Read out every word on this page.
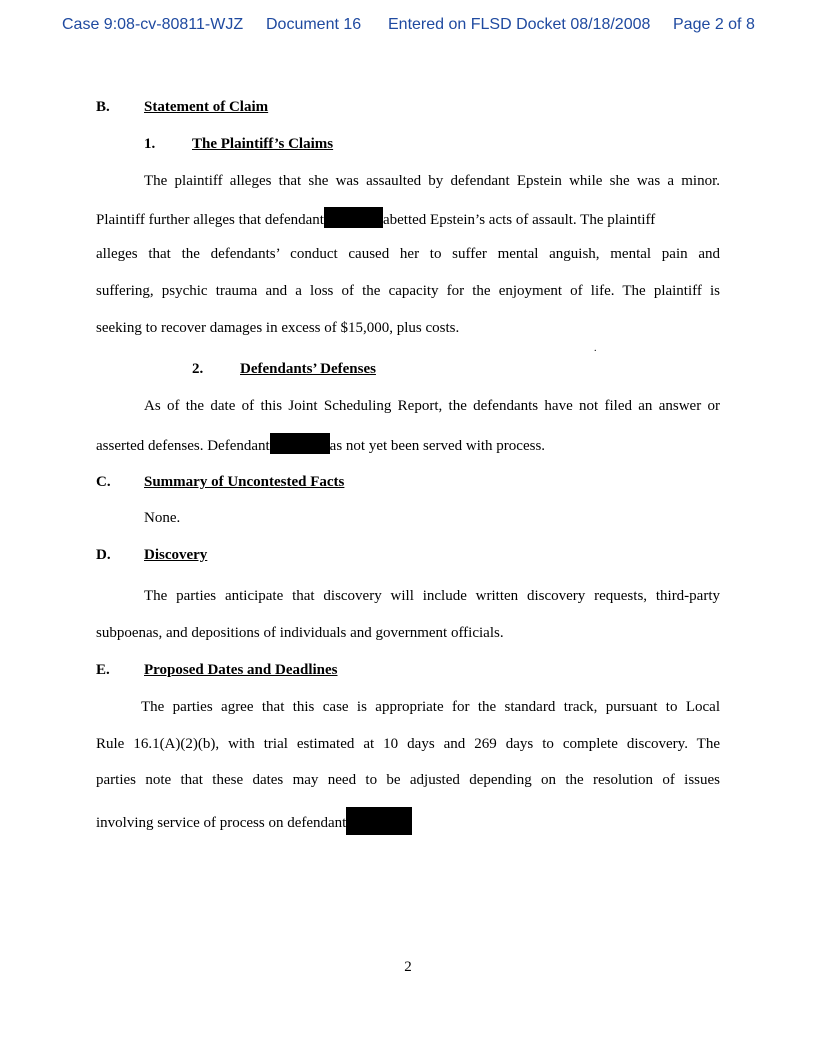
Case 9:08-cv-80811-WJZ Document 16 Entered on FLSD Docket 08/18/2008 Page 2 of 8
B. Statement of Claim
1. The Plaintiff’s Claims
The plaintiff alleges that she was assaulted by defendant Epstein while she was a minor.
Plaintiff further alleges that defendant	abetted Epstein’s acts of assault. The plaintiff
alleges that the defendants’ conduct caused her to suffer mental anguish, mental pain and
suffering, psychic trauma and a loss of the capacity for the enjoyment of life. The plaintiff is
seeking to recover damages in excess of $15,000, plus costs.
.
2. Defendants’ Defenses
As of the date of this Joint Scheduling Report, the defendants have not filed an answer or
asserted defenses. Defendant	as not yet been served with process.
C. Summary of Uncontested Facts
None.
D. Discovery
The parties anticipate that discovery will include written discovery requests, third-party
subpoenas, and depositions of individuals and government officials.
E. Proposed Dates and Deadlines
The parties agree that this case is appropriate for the standard track, pursuant to Local
Rule 16.1(A)(2)(b), with trial estimated at 10 days and 269 days to complete discovery. The
parties note that these dates may need to be adjusted depending on the resolution of issues
involving service of process on defendant
2
